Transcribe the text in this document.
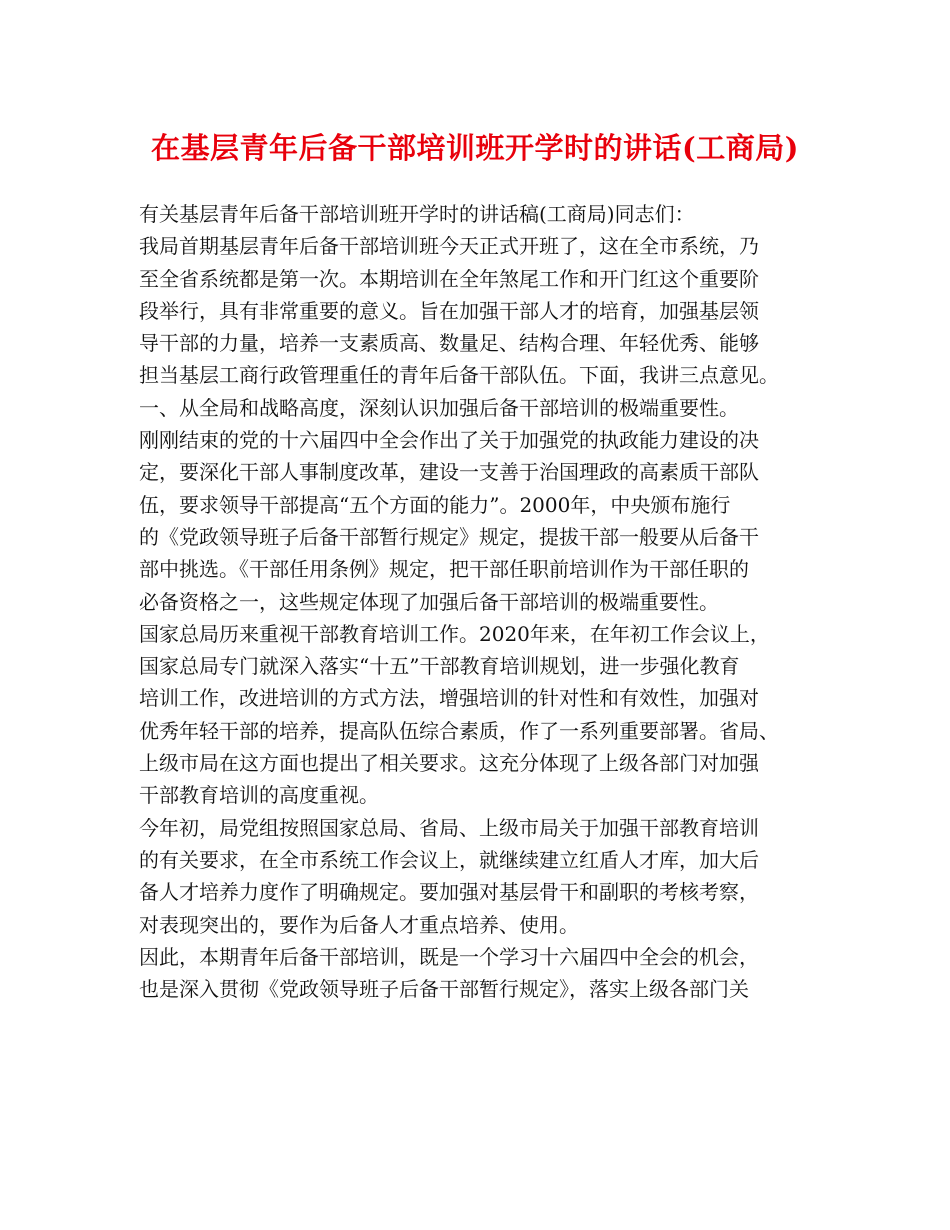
在基层青年后备干部培训班开学时的讲话(工商局)
有关基层青年后备干部培训班开学时的讲话稿(工商局)同志们：
我局首期基层青年后备干部培训班今天正式开班了，这在全市系统，乃
至全省系统都是第一次。本期培训在全年煞尾工作和开门红这个重要阶
段举行，具有非常重要的意义。旨在加强干部人才的培育，加强基层领
导干部的力量，培养一支素质高、数量足、结构合理、年轻优秀、能够
担当基层工商行政管理重任的青年后备干部队伍。下面，我讲三点意见。
一、从全局和战略高度，深刻认识加强后备干部培训的极端重要性。
刚刚结束的党的十六届四中全会作出了关于加强党的执政能力建设的决
定，要深化干部人事制度改革，建设一支善于治国理政的高素质干部队
伍，要求领导干部提高“五个方面的能力”。2000年，中央颁布施行
的《党政领导班子后备干部暂行规定》规定，提拔干部一般要从后备干
部中挑选。《干部任用条例》规定，把干部任职前培训作为干部任职的
必备资格之一，这些规定体现了加强后备干部培训的极端重要性。
国家总局历来重视干部教育培训工作。2020年来，在年初工作会议上，
国家总局专门就深入落实“十五”干部教育培训规划，进一步强化教育
培训工作，改进培训的方式方法，增强培训的针对性和有效性，加强对
优秀年轻干部的培养，提高队伍综合素质，作了一系列重要部署。省局、
上级市局在这方面也提出了相关要求。这充分体现了上级各部门对加强
干部教育培训的高度重视。
今年初，局党组按照国家总局、省局、上级市局关于加强干部教育培训
的有关要求，在全市系统工作会议上，就继续建立红盾人才库，加大后
备人才培养力度作了明确规定。要加强对基层骨干和副职的考核考察，
对表现突出的，要作为后备人才重点培养、使用。
因此，本期青年后备干部培训，既是一个学习十六届四中全会的机会，
也是深入贯彻《党政领导班子后备干部暂行规定》，落实上级各部门关
